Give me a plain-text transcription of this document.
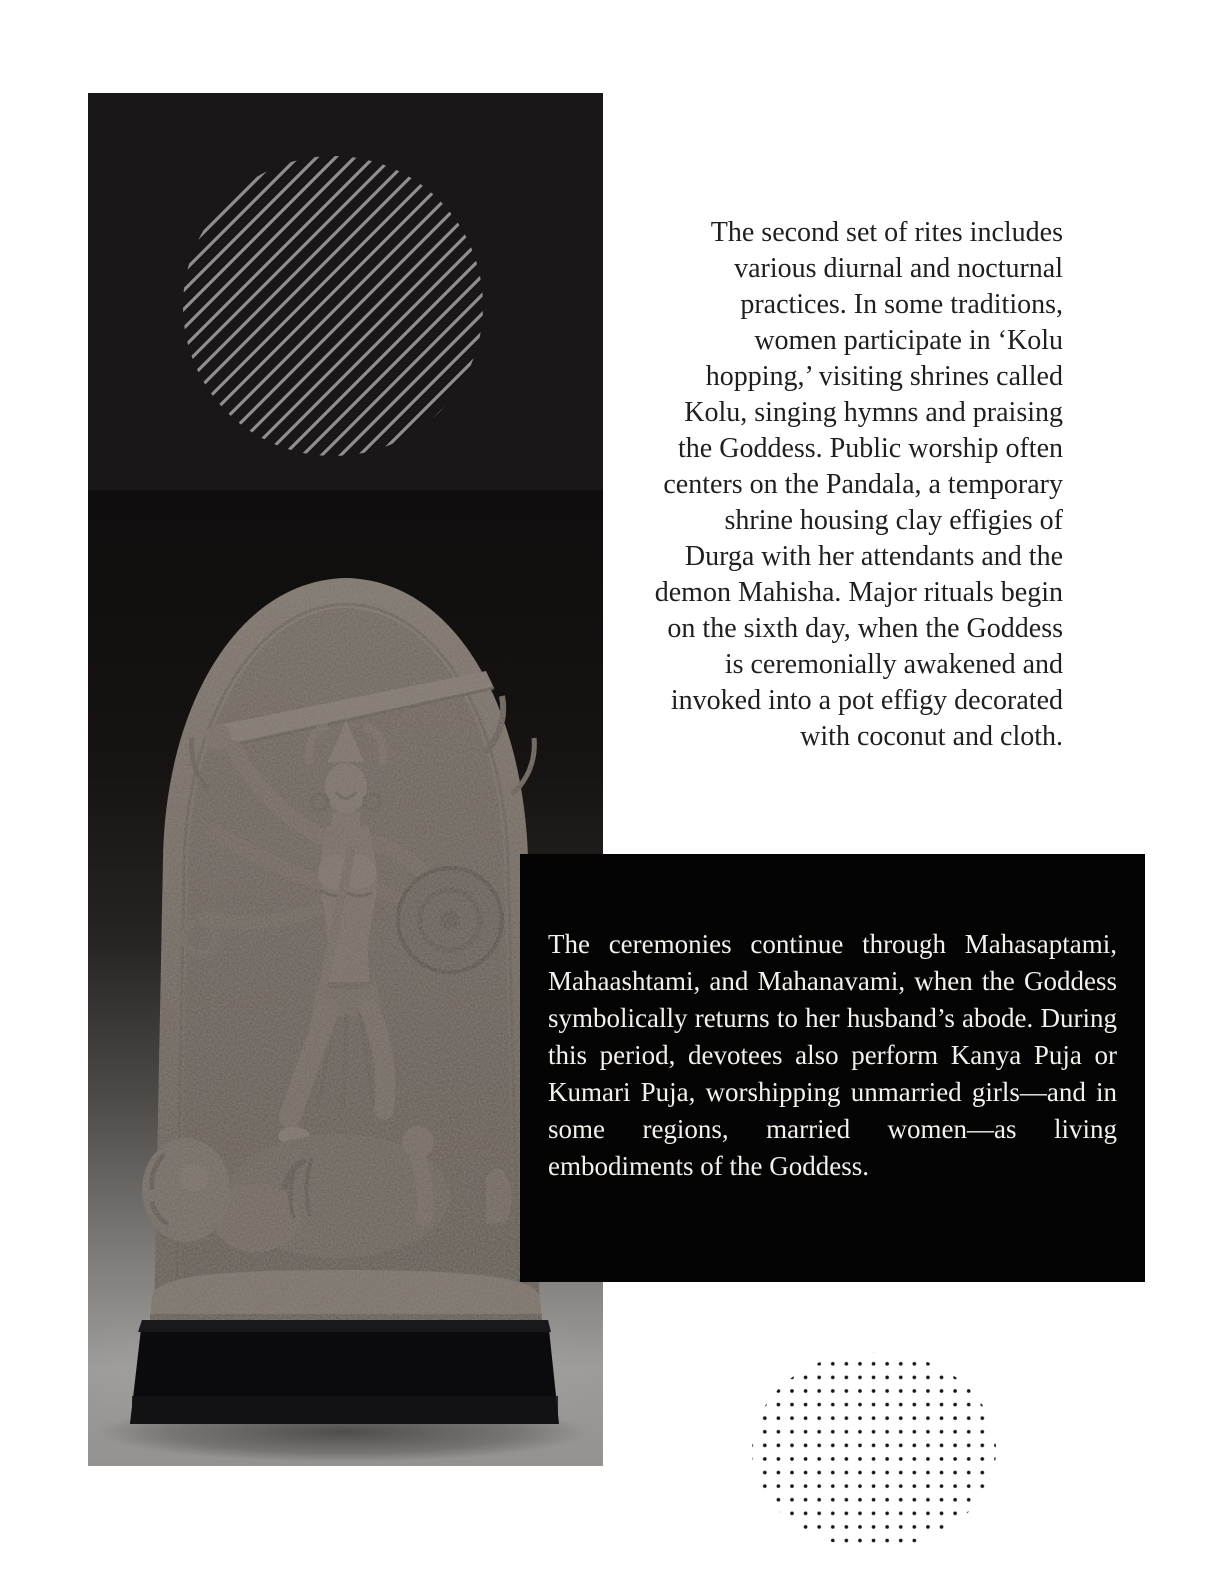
The second set of rites includes various diurnal and nocturnal practices. In some traditions, women participate in ‘Kolu hopping,’ visiting shrines called Kolu, singing hymns and praising the Goddess. Public worship often centers on the Pandala, a temporary shrine housing clay effigies of Durga with her attendants and the demon Mahisha. Major rituals begin on the sixth day, when the Goddess is ceremonially awakened and invoked into a pot effigy decorated with coconut and cloth.

The ceremonies continue through Mahasaptami, Mahaashtami, and Mahanavami, when the Goddess symbolically returns to her husband’s abode. During this period, devotees also perform Kanya Puja or Kumari Puja, worshipping unmarried girls—and in some regions, married women—as living embodiments of the Goddess.
